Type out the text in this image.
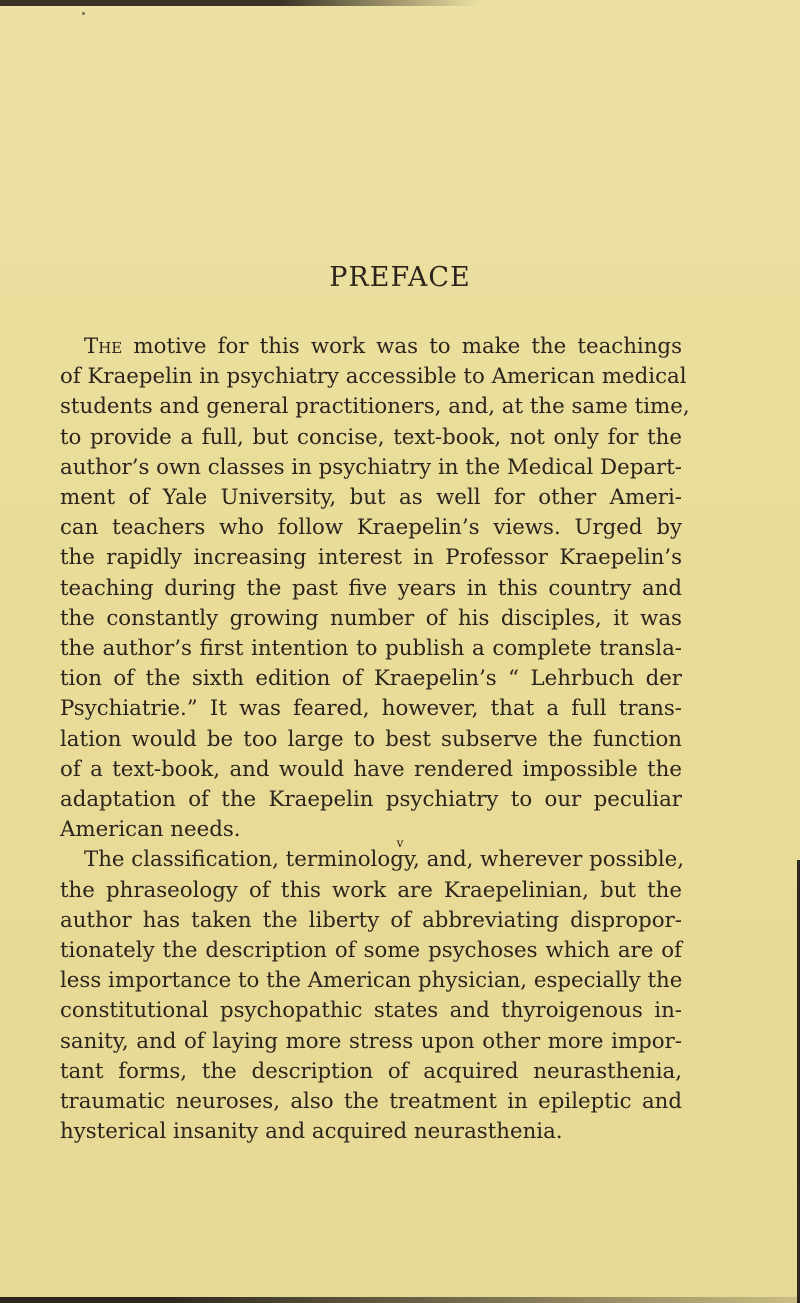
PREFACE
The motive for this work was to make the teachings
of Kraepelin in psychiatry accessible to American medical
students and general practitioners, and, at the same time,
to provide a full, but concise, text-book, not only for the
author’s own classes in psychiatry in the Medical Depart-
ment of Yale University, but as well for other Ameri-
can teachers who follow Kraepelin’s views. Urged by
the rapidly increasing interest in Professor Kraepelin’s
teaching during the past five years in this country and
the constantly growing number of his disciples, it was
the author’s first intention to publish a complete transla-
tion of the sixth edition of Kraepelin’s “ Lehrbuch der
Psychiatrie.” It was feared, however, that a full trans-
lation would be too large to best subserve the function
of a text-book, and would have rendered impossible the
adaptation of the Kraepelin psychiatry to our peculiar
American needs.
The classification, terminology, and, wherever possible,
the phraseology of this work are Kraepelinian, but the
author has taken the liberty of abbreviating dispropor-
tionately the description of some psychoses which are of
less importance to the American physician, especially the
constitutional psychopathic states and thyroigenous in-
sanity, and of laying more stress upon other more impor-
tant forms, the description of acquired neurasthenia,
traumatic neuroses, also the treatment in epileptic and
hysterical insanity and acquired neurasthenia.
v
